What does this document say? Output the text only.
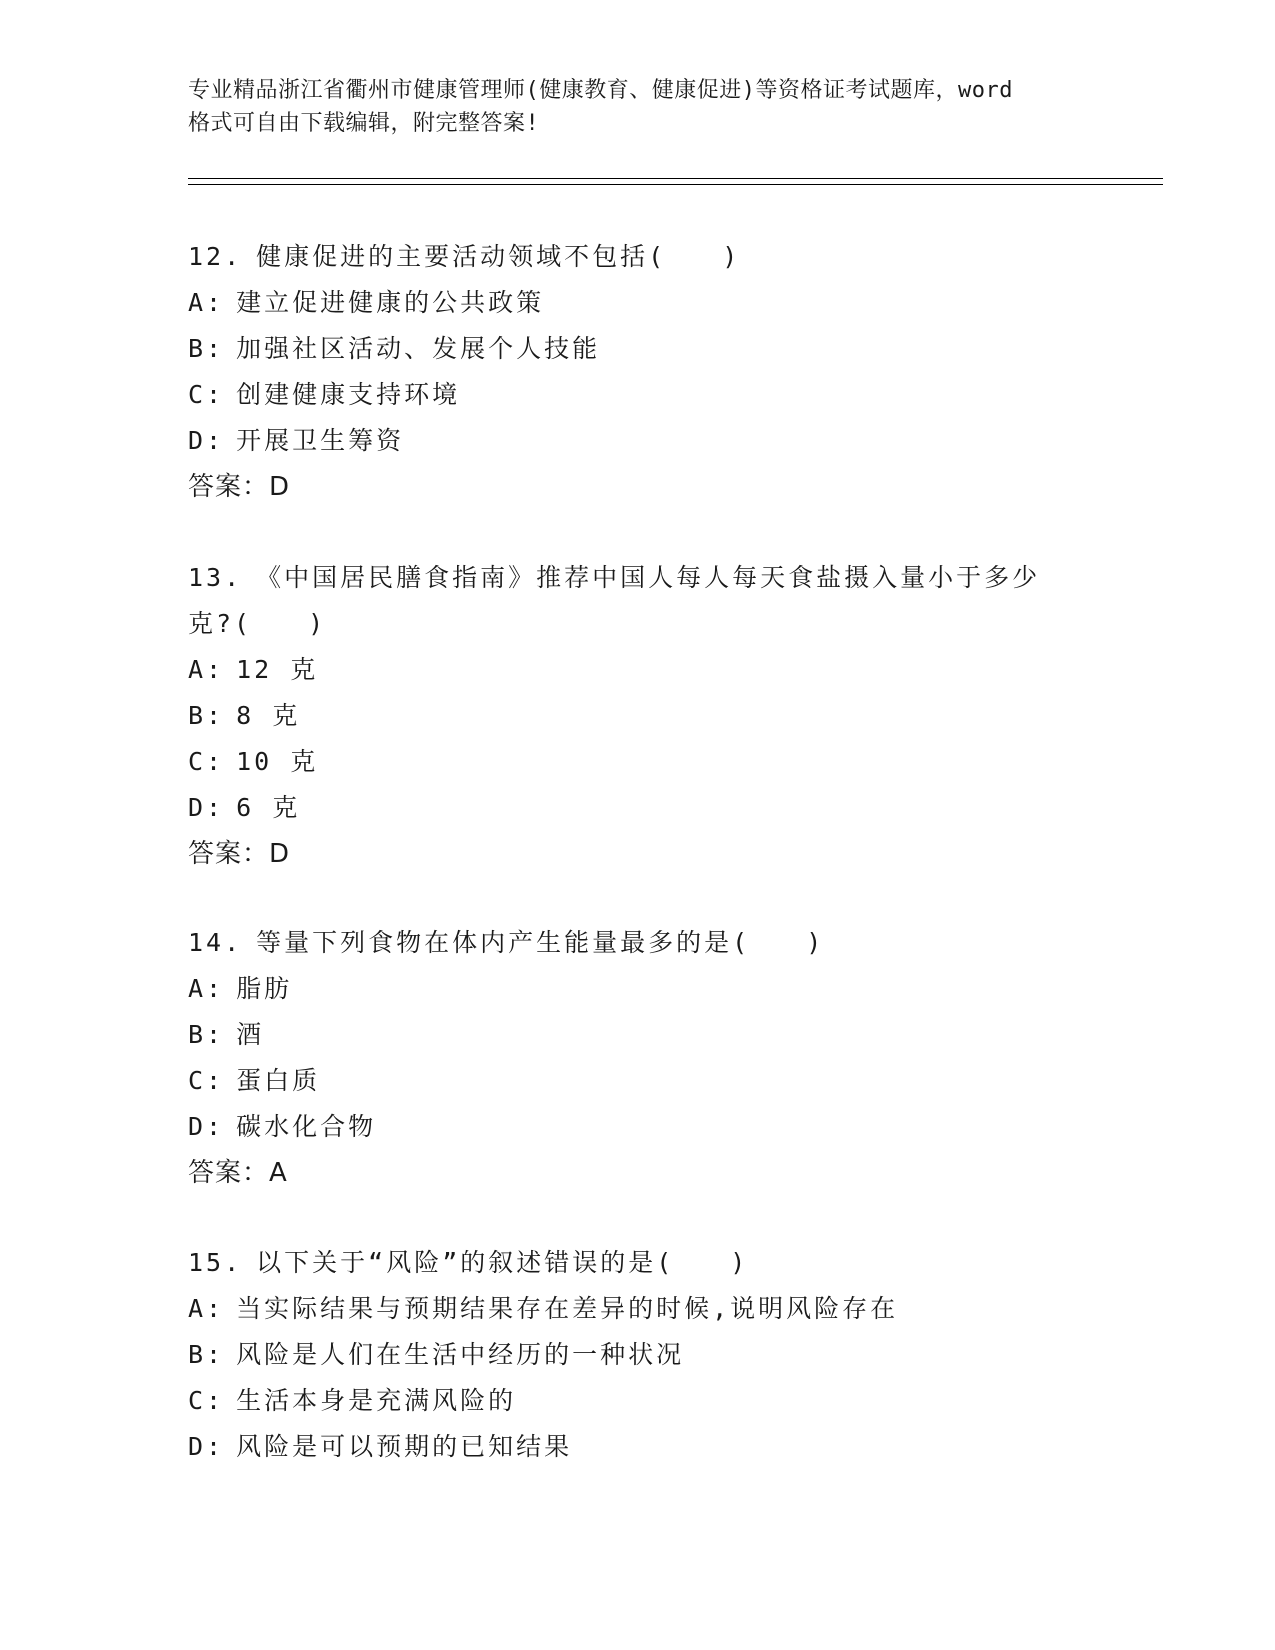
专业精品浙江省衢州市健康管理师(健康教育、健康促进)等资格证考试题库，word
格式可自由下载编辑，附完整答案!
12. 健康促进的主要活动领域不包括(　　)
A: 建立促进健康的公共政策
B: 加强社区活动、发展个人技能
C: 创建健康支持环境
D: 开展卫生筹资
答案：D
13. 《中国居民膳食指南》推荐中国人每人每天食盐摄入量小于多少
克?(　　)
A: 12 克
B: 8 克
C: 10 克
D: 6 克
答案：D
14. 等量下列食物在体内产生能量最多的是(　　)
A: 脂肪
B: 酒
C: 蛋白质
D: 碳水化合物
答案：A
15. 以下关于“风险”的叙述错误的是(　　)
A: 当实际结果与预期结果存在差异的时候,说明风险存在
B: 风险是人们在生活中经历的一种状况
C: 生活本身是充满风险的
D: 风险是可以预期的已知结果
